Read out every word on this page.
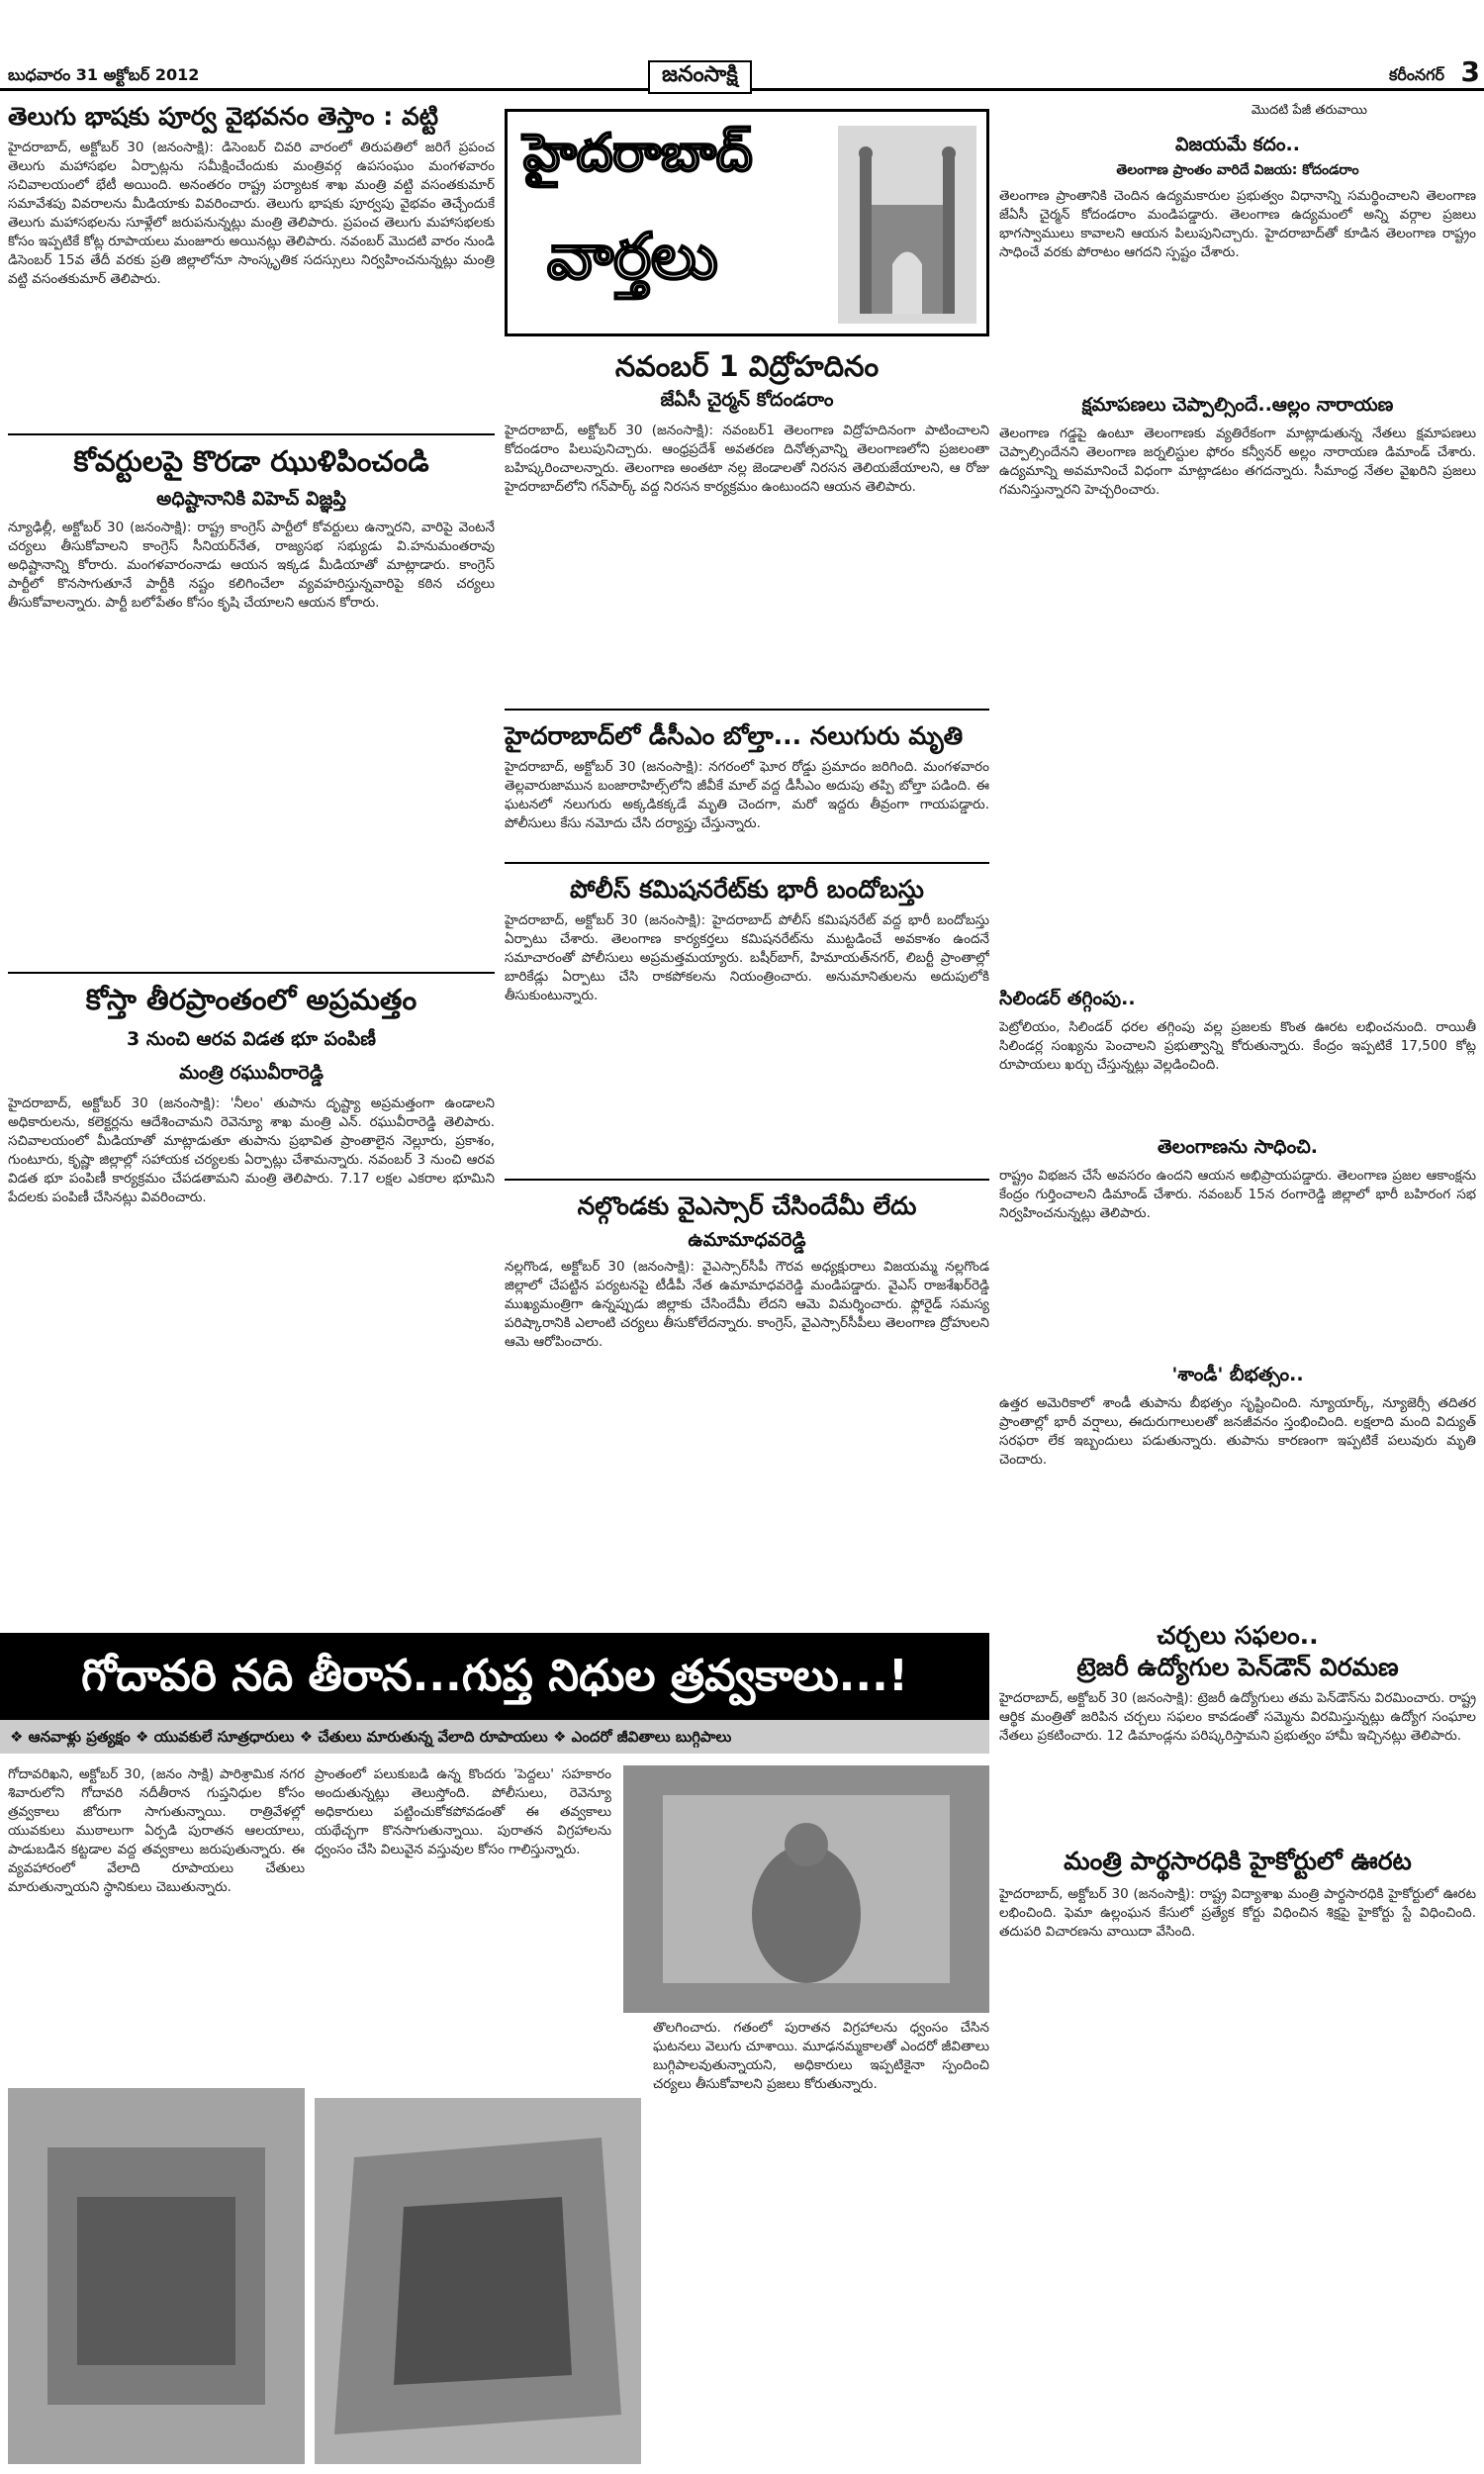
బుధవారం 31 అక్టోబర్‌ 2012	జనంసాక్షి	కరీంనగర్‌ 3
తెలుగు భాషకు పూర్వ వైభవనం తెస్తాం : వట్టి
హైదరాబాద్‌, అక్టోబర్‌ 30 (జనంసాక్షి): డిసెంబర్‌ చివరి వారంలో తిరుపతిలో జరిగే ప్రపంచ తెలుగు మహాసభల ఏర్పాట్లను సమీక్షించేందుకు మంత్రివర్గ ఉపసంఘం మంగళవారం సచివాలయంలో భేటీ అయింది. అనంతరం రాష్ట్ర పర్యాటక శాఖ మంత్రి వట్టి వసంతకుమార్‌ సమావేశపు వివరాలను మీడియాకు వివరించారు. తెలుగు భాషకు పూర్వపు వైభవం తెచ్చేందుకే తెలుగు మహాసభలను సూళ్లేలో జరుపనున్నట్లు మంత్రి తెలిపారు. ప్రపంచ తెలుగు మహాసభలకు కోసం ఇప్పటికే కోట్ల రూపాయలు మంజూరు అయినట్లు తెలిపారు. నవంబర్‌ మొదటి వారం నుండి డిసెంబర్‌ 15వ తేదీ వరకు ప్రతి జిల్లాలోనూ సాంస్కృతిక సదస్సులు నిర్వహించనున్నట్లు మంత్రి వట్టి వసంతకుమార్‌ తెలిపారు.
కోవర్టులపై కొరడా ఝుళిపించండి
అధిష్టానానికి విహెచ్‌ విజ్ఞప్తి
న్యూఢిల్లీ, అక్టోబర్‌ 30 (జనంసాక్షి): రాష్ట్ర కాంగ్రెస్‌ పార్టీలో కోవర్టులు ఉన్నారని, వారిపై వెంటనే చర్యలు తీసుకోవాలని కాంగ్రెస్‌ సీనియర్‌నేత, రాజ్యసభ సభ్యుడు వి.హనుమంతరావు అధిష్టానాన్ని కోరారు. మంగళవారంనాడు ఆయన ఇక్కడ మీడియాతో మాట్లాడారు. కాంగ్రెస్‌ పార్టీలో కొనసాగుతూనే పార్టీకి నష్టం కలిగించేలా వ్యవహరిస్తున్నవారిపై కఠిన చర్యలు తీసుకోవాలన్నారు. పార్టీ బలోపేతం కోసం కృషి చేయాలని ఆయన కోరారు.
కోస్తా తీరప్రాంతంలో అప్రమత్తం
3 నుంచి ఆరవ విడత భూ పంపిణీ
మంత్రి రఘువీరారెడ్డి
హైదరాబాద్‌, అక్టోబర్‌ 30 (జనంసాక్షి): 'నీలం' తుపాను దృష్ట్యా అప్రమత్తంగా ఉండాలని అధికారులను, కలెక్టర్లను ఆదేశించామని రెవెన్యూ శాఖ మంత్రి ఎన్‌. రఘువీరారెడ్డి తెలిపారు. సచివాలయంలో మీడియాతో మాట్లాడుతూ తుపాను ప్రభావిత ప్రాంతాలైన నెల్లూరు, ప్రకాశం, గుంటూరు, కృష్ణా జిల్లాల్లో సహాయక చర్యలకు ఏర్పాట్లు చేశామన్నారు. నవంబర్‌ 3 నుంచి ఆరవ విడత భూ పంపిణీ కార్యక్రమం చేపడతామని మంత్రి తెలిపారు. 7.17 లక్షల ఎకరాల భూమిని పేదలకు పంపిణీ చేసినట్లు వివరించారు.
హైదరాబాద్‌
వార్తలు
నవంబర్‌ 1 విద్రోహదినం
జేఏసీ చైర్మన్‌ కోదండరాం
హైదరాబాద్‌, అక్టోబర్‌ 30 (జనంసాక్షి): నవంబర్‌1 తెలంగాణ విద్రోహదినంగా పాటించాలని కోదండరాం పిలుపునిచ్చారు. ఆంధ్రప్రదేశ్‌ అవతరణ దినోత్సవాన్ని తెలంగాణలోని ప్రజలంతా బహిష్కరించాలన్నారు. తెలంగాణ అంతటా నల్ల జెండాలతో నిరసన తెలియజేయాలని, ఆ రోజు హైదరాబాద్‌లోని గన్‌పార్క్‌ వద్ద నిరసన కార్యక్రమం ఉంటుందని ఆయన తెలిపారు.
హైదరాబాద్‌లో డీసీఎం బోల్తా... నలుగురు మృతి
హైదరాబాద్‌, అక్టోబర్‌ 30 (జనంసాక్షి): నగరంలో ఘోర రోడ్డు ప్రమాదం జరిగింది. మంగళవారం తెల్లవారుజామున బంజారాహిల్స్‌లోని జీవీకే మాల్‌ వద్ద డీసీఎం అదుపు తప్పి బోల్తా పడింది. ఈ ఘటనలో నలుగురు అక్కడికక్కడే మృతి చెందగా, మరో ఇద్దరు తీవ్రంగా గాయపడ్డారు. పోలీసులు కేసు నమోదు చేసి దర్యాప్తు చేస్తున్నారు.
పోలీస్‌ కమిషనరేట్‌కు భారీ బందోబస్తు
హైదరాబాద్‌, అక్టోబర్‌ 30 (జనంసాక్షి): హైదరాబాద్‌ పోలీస్‌ కమిషనరేట్‌ వద్ద భారీ బందోబస్తు ఏర్పాటు చేశారు. తెలంగాణ కార్యకర్తలు కమిషనరేట్‌ను ముట్టడించే అవకాశం ఉందనే సమాచారంతో పోలీసులు అప్రమత్తమయ్యారు. బషీర్‌బాగ్‌, హిమాయత్‌నగర్‌, లిబర్టీ ప్రాంతాల్లో బారికేడ్లు ఏర్పాటు చేసి రాకపోకలను నియంత్రించారు. అనుమానితులను అదుపులోకి తీసుకుంటున్నారు.
నల్గొండకు వైఎస్సార్‌ చేసిందేమీ లేదు
ఉమామాధవరెడ్డి
నల్లగొండ, అక్టోబర్‌ 30 (జనంసాక్షి): వైఎస్సార్‌సీపీ గౌరవ అధ్యక్షురాలు విజయమ్మ నల్లగొండ జిల్లాలో చేపట్టిన పర్యటనపై టీడీపీ నేత ఉమామాధవరెడ్డి మండిపడ్డారు. వైఎస్‌ రాజశేఖర్‌రెడ్డి ముఖ్యమంత్రిగా ఉన్నప్పుడు జిల్లాకు చేసిందేమీ లేదని ఆమె విమర్శించారు. ఫ్లోరైడ్‌ సమస్య పరిష్కారానికి ఎలాంటి చర్యలు తీసుకోలేదన్నారు. కాంగ్రెస్‌, వైఎస్సార్‌సీపీలు తెలంగాణ ద్రోహులని ఆమె ఆరోపించారు.
మొదటి పేజీ తరువాయి
విజయమే కదం..
తెలంగాణ ప్రాంతం వారిదే విజయ: కోదండరాం
తెలంగాణ ప్రాంతానికి చెందిన ఉద్యమకారుల ప్రభుత్వం విధానాన్ని సమర్థించాలని తెలంగాణ జేఏసీ చైర్మన్‌ కోదండరాం మండిపడ్డారు. తెలంగాణ ఉద్యమంలో అన్ని వర్గాల ప్రజలు భాగస్వాములు కావాలని ఆయన పిలుపునిచ్చారు. హైదరాబాద్‌తో కూడిన తెలంగాణ రాష్ట్రం సాధించే వరకు పోరాటం ఆగదని స్పష్టం చేశారు.
క్షమాపణలు చెప్పాల్సిందే..ఆల్లం నారాయణ
తెలంగాణ గడ్డపై ఉంటూ తెలంగాణకు వ్యతిరేకంగా మాట్లాడుతున్న నేతలు క్షమాపణలు చెప్పాల్సిందేనని తెలంగాణ జర్నలిస్టుల ఫోరం కన్వీనర్‌ అల్లం నారాయణ డిమాండ్‌ చేశారు. ఉద్యమాన్ని అవమానించే విధంగా మాట్లాడటం తగదన్నారు. సీమాంధ్ర నేతల వైఖరిని ప్రజలు గమనిస్తున్నారని హెచ్చరించారు.
సిలిండర్‌ తగ్గింపు..
పెట్రోలియం, సిలిండర్‌ ధరల తగ్గింపు వల్ల ప్రజలకు కొంత ఊరట లభించనుంది. రాయితీ సిలిండర్ల సంఖ్యను పెంచాలని ప్రభుత్వాన్ని కోరుతున్నారు. కేంద్రం ఇప్పటికే 17,500 కోట్ల రూపాయలు ఖర్చు చేస్తున్నట్లు వెల్లడించింది.
తెలంగాణను సాధించి.
రాష్ట్రం విభజన చేసే అవసరం ఉందని ఆయన అభిప్రాయపడ్డారు. తెలంగాణ ప్రజల ఆకాంక్షను కేంద్రం గుర్తించాలని డిమాండ్‌ చేశారు. నవంబర్‌ 15న రంగారెడ్డి జిల్లాలో భారీ బహిరంగ సభ నిర్వహించనున్నట్లు తెలిపారు.
'శాండీ' బీభత్సం..
ఉత్తర అమెరికాలో శాండీ తుపాను బీభత్సం సృష్టించింది. న్యూయార్క్‌, న్యూజెర్సీ తదితర ప్రాంతాల్లో భారీ వర్షాలు, ఈదురుగాలులతో జనజీవనం స్తంభించింది. లక్షలాది మంది విద్యుత్‌ సరఫరా లేక ఇబ్బందులు పడుతున్నారు. తుపాను కారణంగా ఇప్పటికే పలువురు మృతి చెందారు.
చర్చలు సఫలం..
ట్రెజరీ ఉద్యోగుల పెన్‌డౌన్‌ విరమణ
హైదరాబాద్‌, అక్టోబర్‌ 30 (జనంసాక్షి): ట్రెజరీ ఉద్యోగులు తమ పెన్‌డౌన్‌ను విరమించారు. రాష్ట్ర ఆర్థిక మంత్రితో జరిపిన చర్చలు సఫలం కావడంతో సమ్మెను విరమిస్తున్నట్లు ఉద్యోగ సంఘాల నేతలు ప్రకటించారు. 12 డిమాండ్లను పరిష్కరిస్తామని ప్రభుత్వం హామీ ఇచ్చినట్లు తెలిపారు.
మంత్రి పార్థసారధికి హైకోర్టులో ఊరట
హైదరాబాద్‌, అక్టోబర్‌ 30 (జనంసాక్షి): రాష్ట్ర విద్యాశాఖ మంత్రి పార్థసారధికి హైకోర్టులో ఊరట లభించింది. ఫెమా ఉల్లంఘన కేసులో ప్రత్యేక కోర్టు విధించిన శిక్షపై హైకోర్టు స్టే విధించింది. తదుపరి విచారణను వాయిదా వేసింది.
గోదావరి నది తీరాన...గుప్త నిధుల త్రవ్వకాలు...!
❖ ఆనవాళ్లు ప్రత్యక్షం ❖ యువకులే సూత్రధారులు ❖ చేతులు మారుతున్న వేలాది రూపాయలు ❖ ఎందరో జీవితాలు బుగ్గిపాలు
గోదావరిఖని, అక్టోబర్‌ 30, (జనం సాక్షి) పారిశ్రామిక నగర శివారులోని గోదావరి నదీతీరాన గుప్తనిధుల కోసం త్రవ్వకాలు జోరుగా సాగుతున్నాయి. రాత్రివేళల్లో యువకులు ముఠాలుగా ఏర్పడి పురాతన ఆలయాలు, పాడుబడిన కట్టడాల వద్ద తవ్వకాలు జరుపుతున్నారు. ఈ వ్యవహారంలో వేలాది రూపాయలు చేతులు మారుతున్నాయని స్థానికులు చెబుతున్నారు.
ప్రాంతంలో పలుకుబడి ఉన్న కొందరు 'పెద్దలు' సహకారం అందుతున్నట్లు తెలుస్తోంది. పోలీసులు, రెవెన్యూ అధికారులు పట్టించుకోకపోవడంతో ఈ తవ్వకాలు యథేచ్ఛగా కొనసాగుతున్నాయి. పురాతన విగ్రహాలను ధ్వంసం చేసి విలువైన వస్తువుల కోసం గాలిస్తున్నారు.
తొలగించారు. గతంలో పురాతన విగ్రహాలను ధ్వంసం చేసిన ఘటనలు వెలుగు చూశాయి. మూఢనమ్మకాలతో ఎందరో జీవితాలు బుగ్గిపాలవుతున్నాయని, అధికారులు ఇప్పటికైనా స్పందించి చర్యలు తీసుకోవాలని ప్రజలు కోరుతున్నారు.
